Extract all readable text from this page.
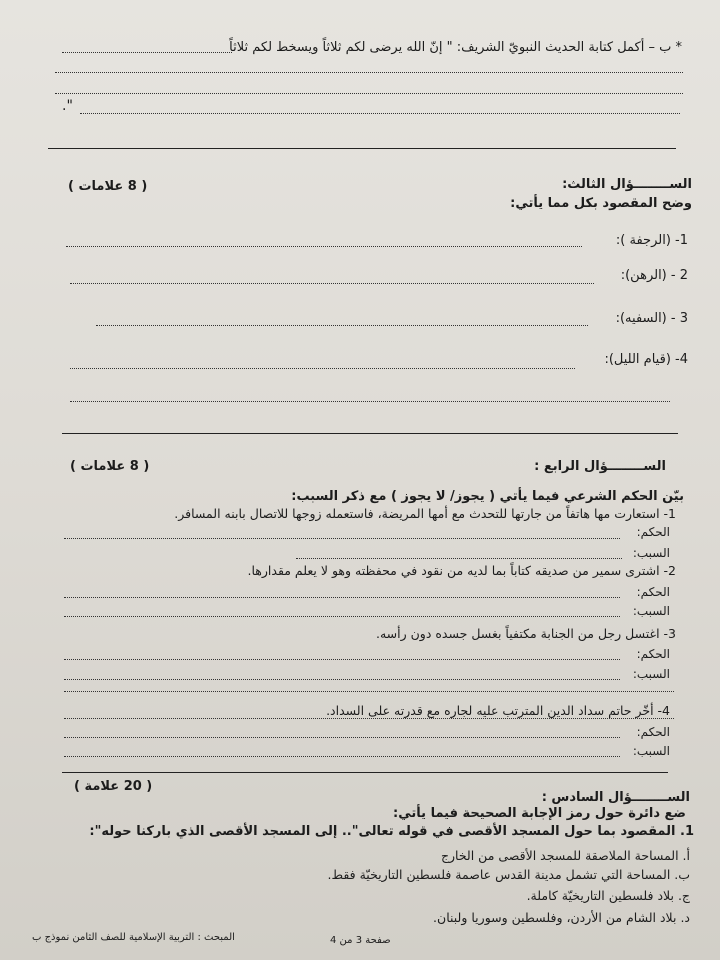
* ب – أكمل كتابة الحديث النبويّ الشريف: " إنّ الله يرضى لكم ثلاثاً ويسخط لكم ثلاثاً
".
الســــــــؤال الثالث:
( 8 علامات )
وضح المقصود بكل مما يأتي:
1- (الرجفة ):
2 - (الرهن):
3 - (السفيه):
4- (قيام الليل):
الســــــــؤال الرابع :
( 8 علامات )
بيّن الحكم الشرعي فيما يأتي ( يجوز/ لا يجوز ) مع ذكر السبب:
1- استعارت مها هاتفاً من جارتها للتحدث مع أمها المريضة، فاستعمله زوجها للاتصال بابنه المسافر.
الحكم:
السبب:
2- اشترى سمير من صديقه كتاباً بما لديه من نقود في محفظته وهو لا يعلم مقدارها.
الحكم:
السبب:
3- اغتسل رجل من الجنابة مكتفياً بغسل جسده دون رأسه.
الحكم:
السبب:
4- أخّر حاتم سداد الدين المترتب عليه لجاره مع قدرته على السداد.
الحكم:
السبب:
الســــــــؤال السادس :
( 20 علامة )
ضع دائرة حول رمز الإجابة الصحيحة فيما يأتي:
1. المقصود بما حول المسجد الأقصى في قوله تعالى".. إلى المسجد الأقصى الذي باركنا حوله":
أ. المساحة الملاصقة للمسجد الأقصى من الخارج
ب. المساحة التي تشمل مدينة القدس عاصمة فلسطين التاريخيّة فقط.
ج. بلاد فلسطين التاريخيّة كاملة.
د. بلاد الشام من الأردن، وفلسطين وسوريا ولبنان.
صفحة 3 من 4
المبحث : التربية الإسلامية للصف الثامن نموذج ب
